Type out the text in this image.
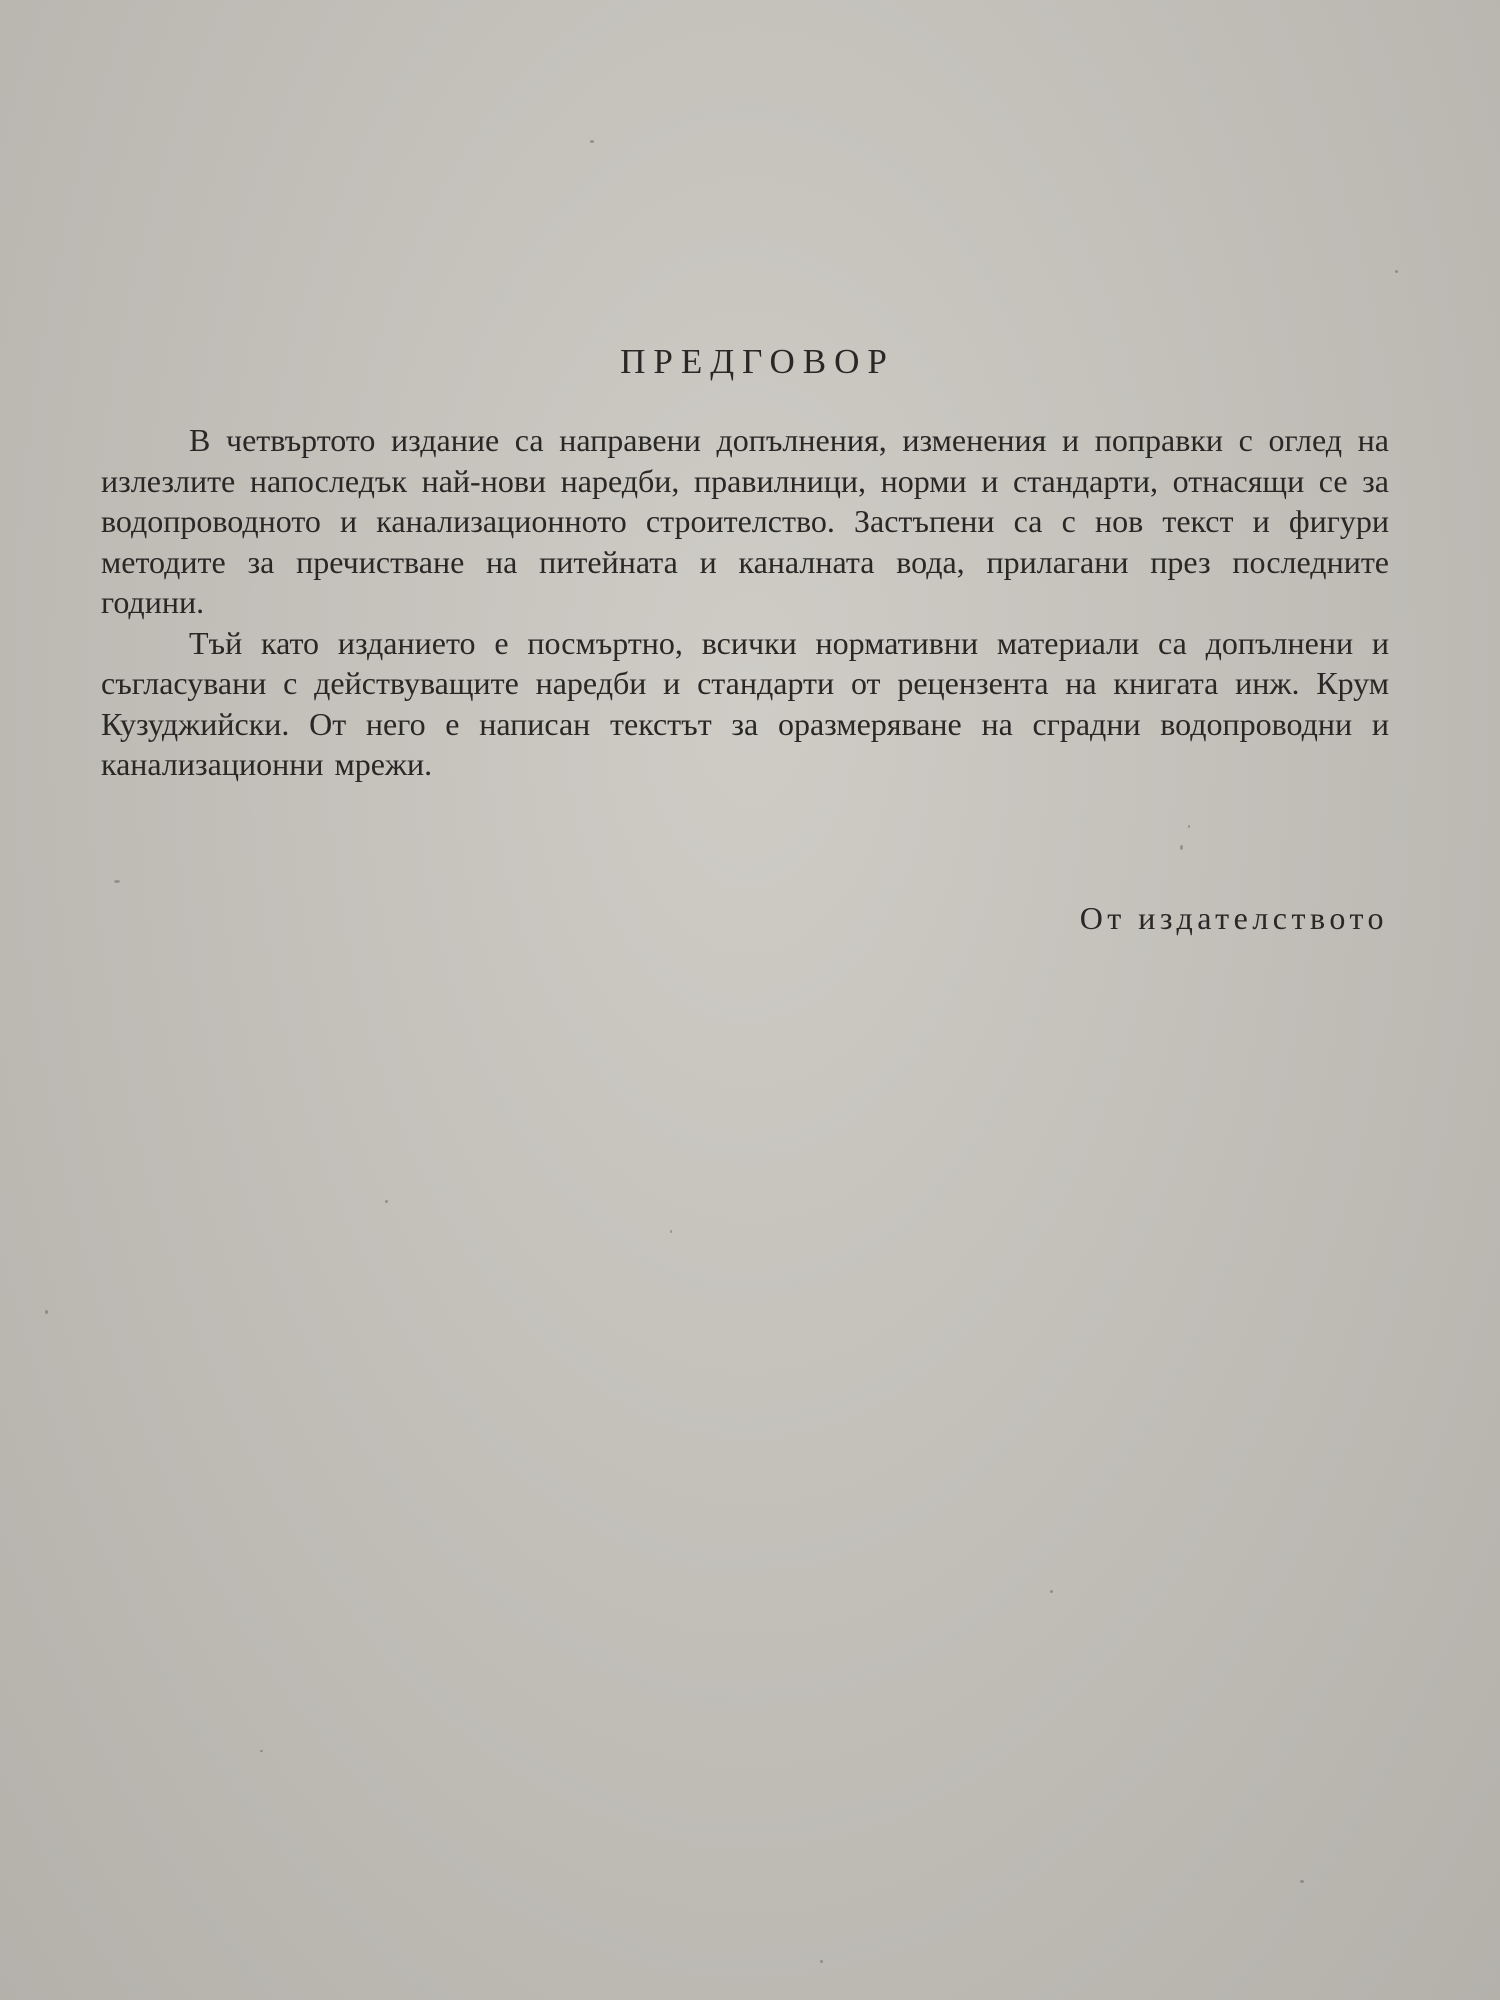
ПРЕДГОВОР

В четвъртото издание са направени допълнения, изменения и поправки с оглед на излезлите напоследък най-нови наредби, правилници, норми и стандарти, отнасящи се за водопроводното и канализационното строителство. Застъпени са с нов текст и фигури методите за пречистване на питейната и каналната вода, прилагани през последните години.

Тъй като изданието е посмъртно, всички нормативни материали са допълнени и съгласувани с действуващите наредби и стандарти от рецензента на книгата инж. Крум Кузуджийски. От него е написан текстът за оразмеряване на сградни водопроводни и канализационни мрежи.

От издателството
